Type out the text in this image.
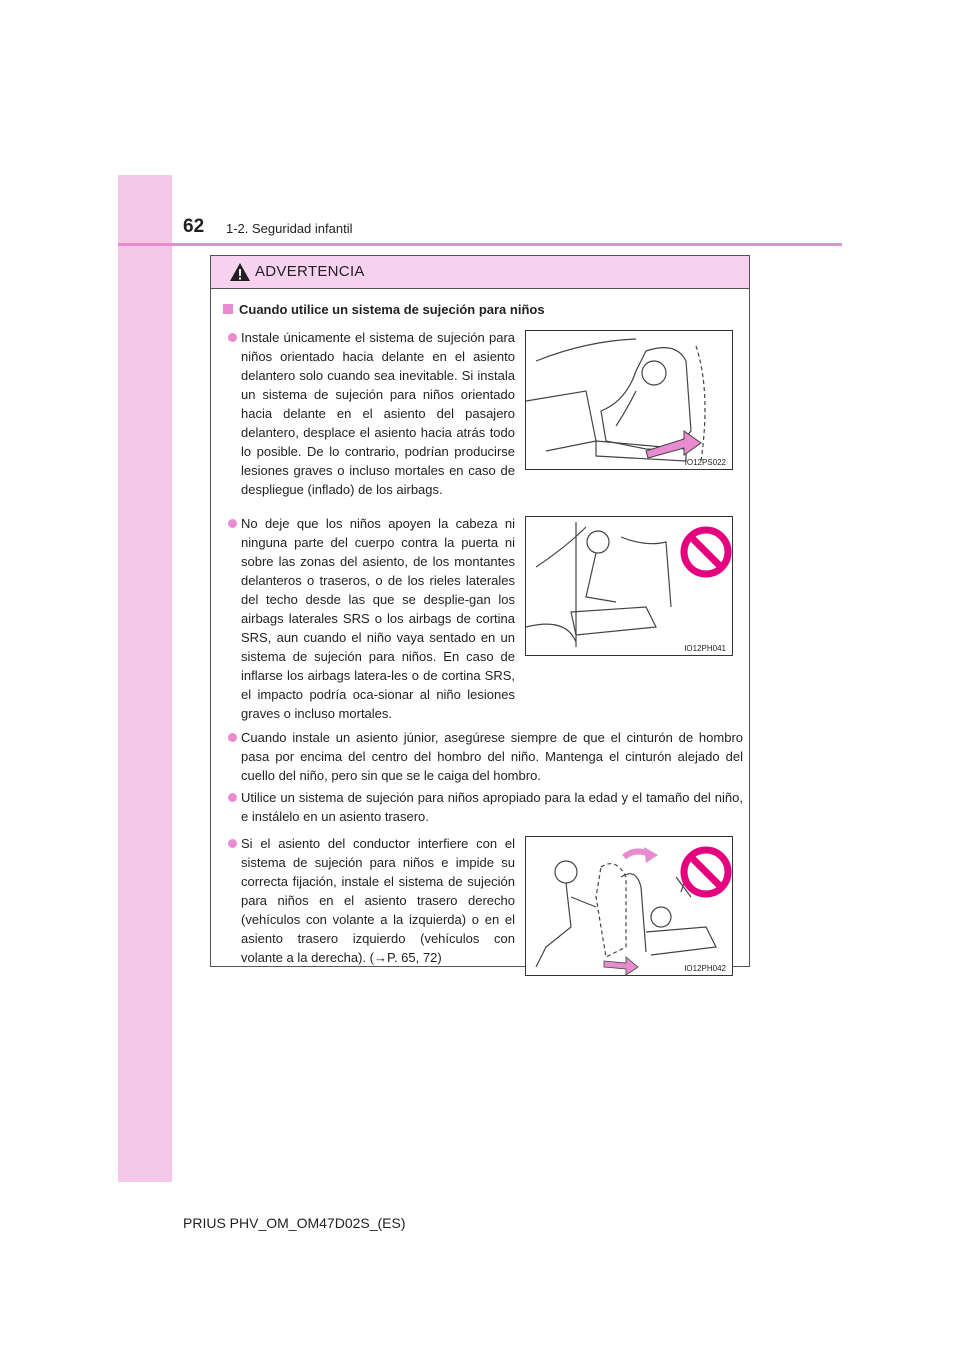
62 1-2. Seguridad infantil
ADVERTENCIA
Cuando utilice un sistema de sujeción para niños
Instale únicamente el sistema de sujeción para niños orientado hacia delante en el asiento delantero solo cuando sea inevitable. Si instala un sistema de sujeción para niños orientado hacia delante en el asiento del pasajero delantero, desplace el asiento hacia atrás todo lo posible. De lo contrario, podrían producirse lesiones graves o incluso mortales en caso de despliegue (inflado) de los airbags.
IO12PS022
No deje que los niños apoyen la cabeza ni ninguna parte del cuerpo contra la puerta ni sobre las zonas del asiento, de los montantes delanteros o traseros, o de los rieles laterales del techo desde las que se desplie-gan los airbags laterales SRS o los airbags de cortina SRS, aun cuando el niño vaya sentado en un sistema de sujeción para niños. En caso de inflarse los airbags latera-les o de cortina SRS, el impacto podría oca-sionar al niño lesiones graves o incluso mortales.
IO12PH041
Cuando instale un asiento júnior, asegúrese siempre de que el cinturón de hombro pasa por encima del centro del hombro del niño. Mantenga el cinturón alejado del cuello del niño, pero sin que se le caiga del hombro.
Utilice un sistema de sujeción para niños apropiado para la edad y el tamaño del niño, e instálelo en un asiento trasero.
Si el asiento del conductor interfiere con el sistema de sujeción para niños e impide su correcta fijación, instale el sistema de sujeción para niños en el asiento trasero derecho (vehículos con volante a la izquierda) o en el asiento trasero izquierdo (vehículos con volante a la derecha). (→P. 65, 72)
IO12PH042
PRIUS PHV_OM_OM47D02S_(ES)
